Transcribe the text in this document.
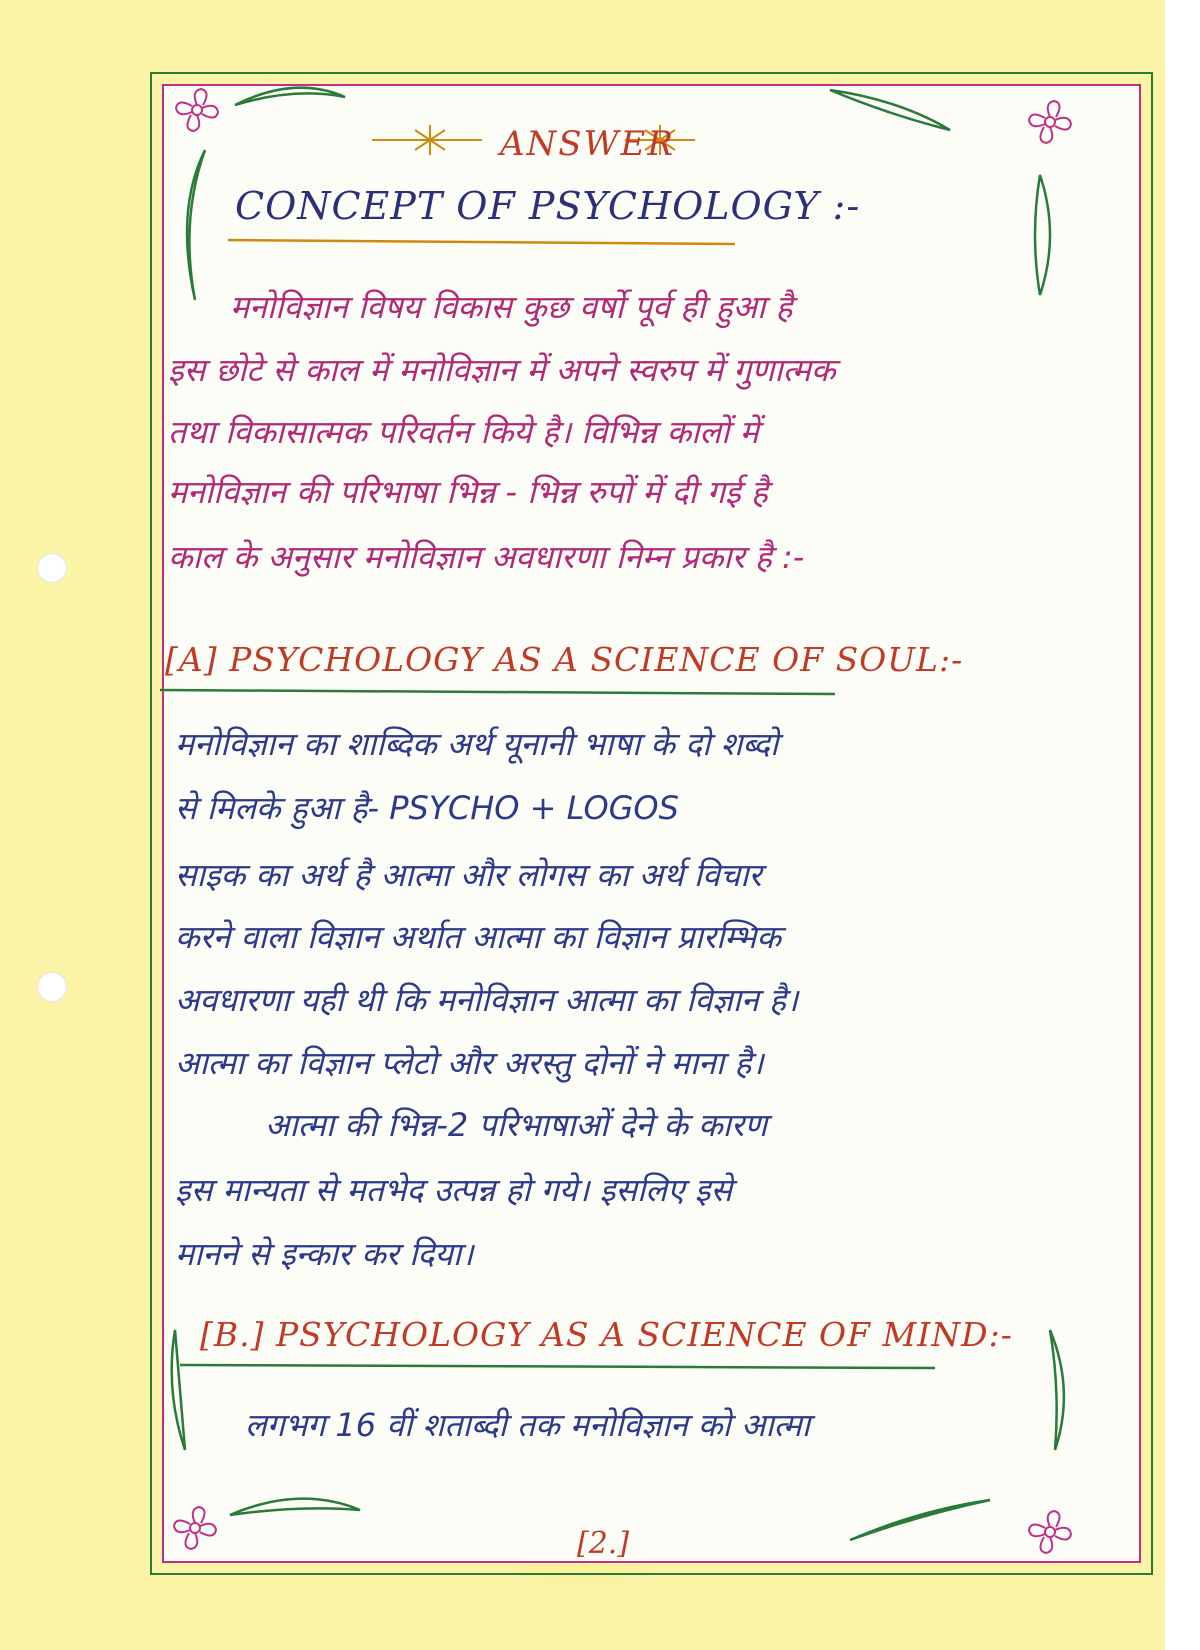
ANSWER
CONCEPT OF PSYCHOLOGY :-
मनोविज्ञान विषय विकास कुछ वर्षो पूर्व ही हुआ है
इस छोटे से काल में मनोविज्ञान में अपने स्वरुप में गुणात्मक
तथा विकासात्मक परिवर्तन किये है। विभिन्न कालों में
मनोविज्ञान की परिभाषा भिन्न - भिन्न रुपों में दी गई है
काल के अनुसार मनोविज्ञान अवधारणा निम्न प्रकार है :-
[A] PSYCHOLOGY AS A SCIENCE OF SOUL:-
मनोविज्ञान का शाब्दिक अर्थ यूनानी भाषा के दो शब्दो
से मिलके हुआ है- PSYCHO + LOGOS
साइक का अर्थ है आत्मा और लोगस का अर्थ विचार
करने वाला विज्ञान अर्थात आत्मा का विज्ञान प्रारम्भिक
अवधारणा यही थी कि मनोविज्ञान आत्मा का विज्ञान है।
आत्मा का विज्ञान प्लेटो और अरस्तु दोनों ने माना है।
आत्मा की भिन्न-2 परिभाषाओं देने के कारण
इस मान्यता से मतभेद उत्पन्न हो गये। इसलिए इसे
मानने से इन्कार कर दिया।
[B.] PSYCHOLOGY AS A SCIENCE OF MIND:-
लगभग 16 वीं शताब्दी तक मनोविज्ञान को आत्मा
[2.]
